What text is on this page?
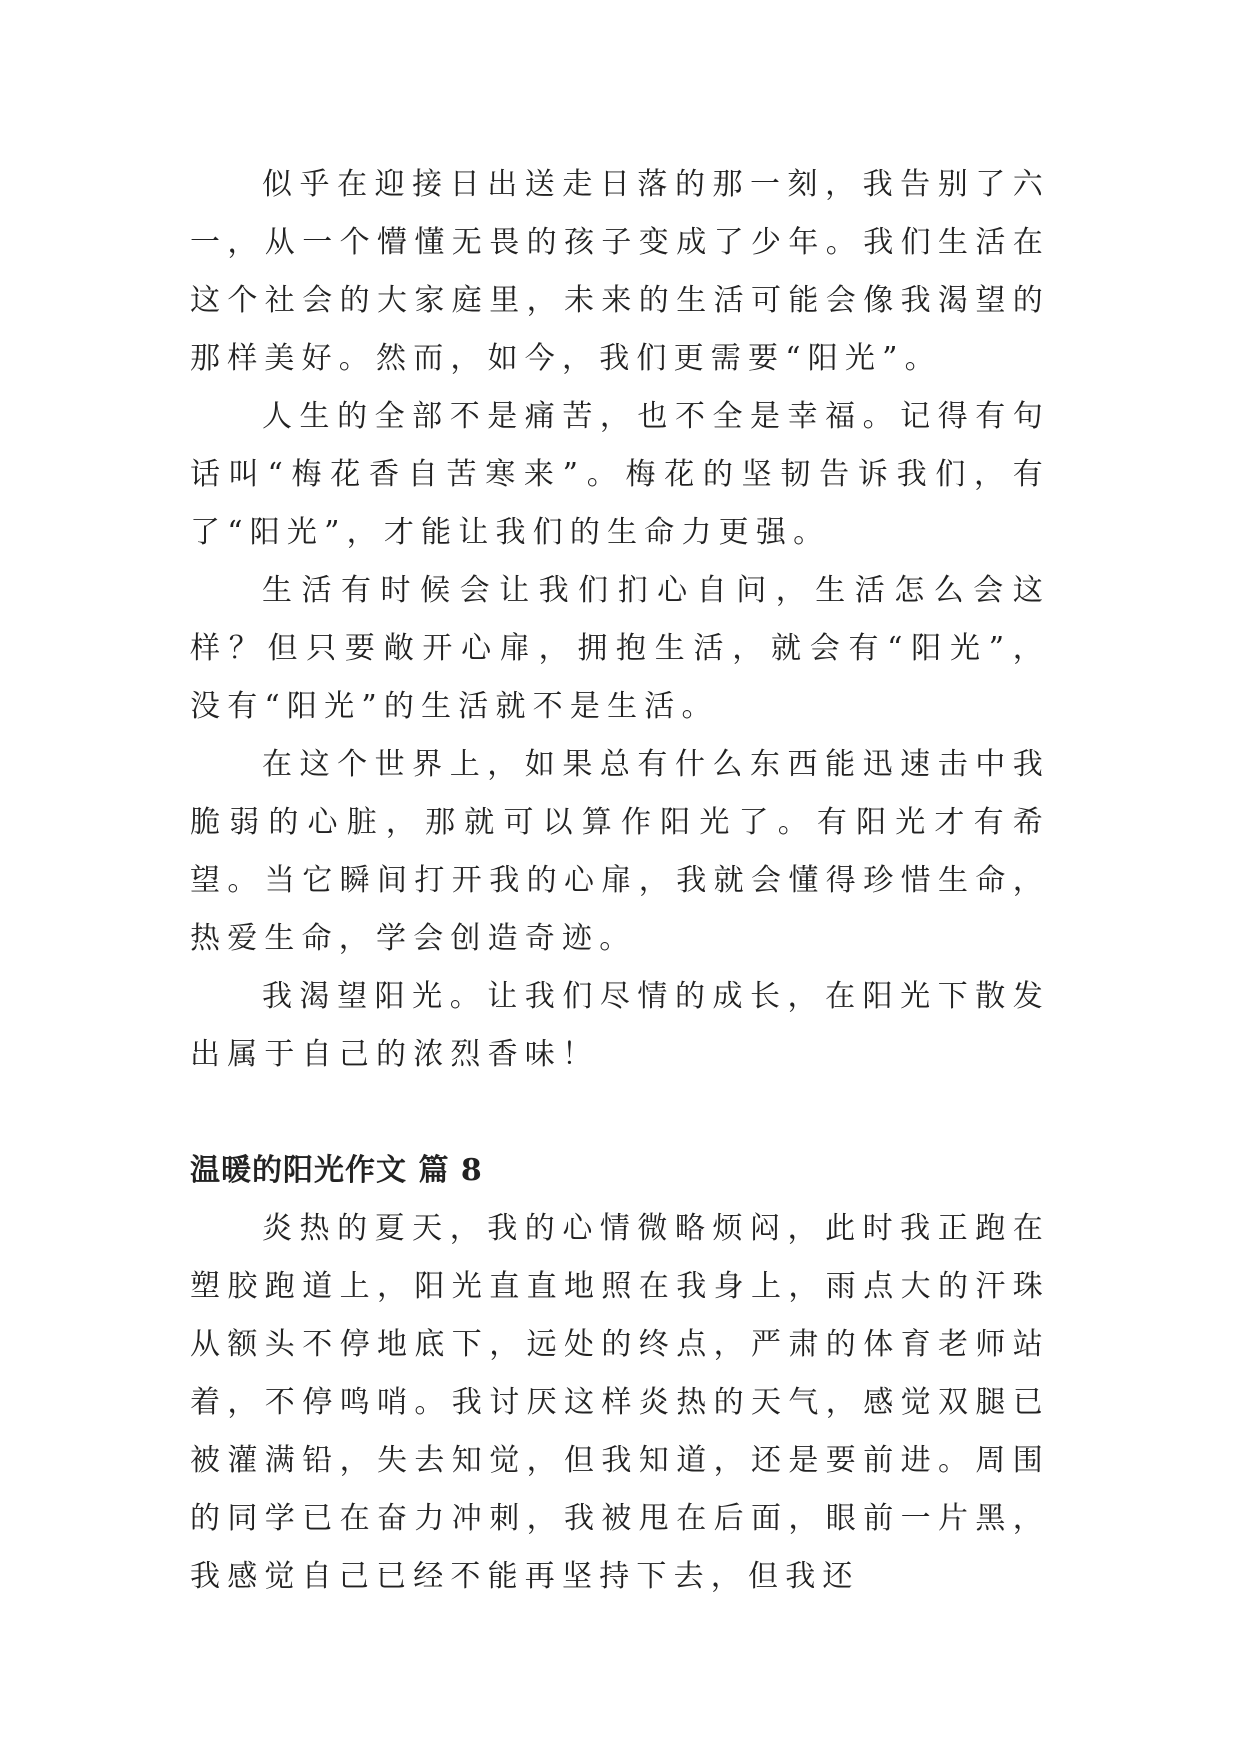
似乎在迎接日出送走日落的那一刻，我告别了六一，从一个懵懂无畏的孩子变成了少年。我们生活在这个社会的大家庭里，未来的生活可能会像我渴望的那样美好。然而，如今，我们更需要“阳光”。

人生的全部不是痛苦，也不全是幸福。记得有句话叫“梅花香自苦寒来”。梅花的坚韧告诉我们，有了“阳光”，才能让我们的生命力更强。

生活有时候会让我们扪心自问，生活怎么会这样？但只要敞开心扉，拥抱生活，就会有“阳光”，没有“阳光”的生活就不是生活。

在这个世界上，如果总有什么东西能迅速击中我脆弱的心脏，那就可以算作阳光了。有阳光才有希望。当它瞬间打开我的心扉，我就会懂得珍惜生命，热爱生命，学会创造奇迹。

我渴望阳光。让我们尽情的成长，在阳光下散发出属于自己的浓烈香味！

温暖的阳光作文 篇 8

炎热的夏天，我的心情微略烦闷，此时我正跑在塑胶跑道上，阳光直直地照在我身上，雨点大的汗珠从额头不停地底下，远处的终点，严肃的体育老师站着，不停鸣哨。我讨厌这样炎热的天气，感觉双腿已被灌满铅，失去知觉，但我知道，还是要前进。周围的同学已在奋力冲刺，我被甩在后面，眼前一片黑，我感觉自己已经不能再坚持下去，但我还
